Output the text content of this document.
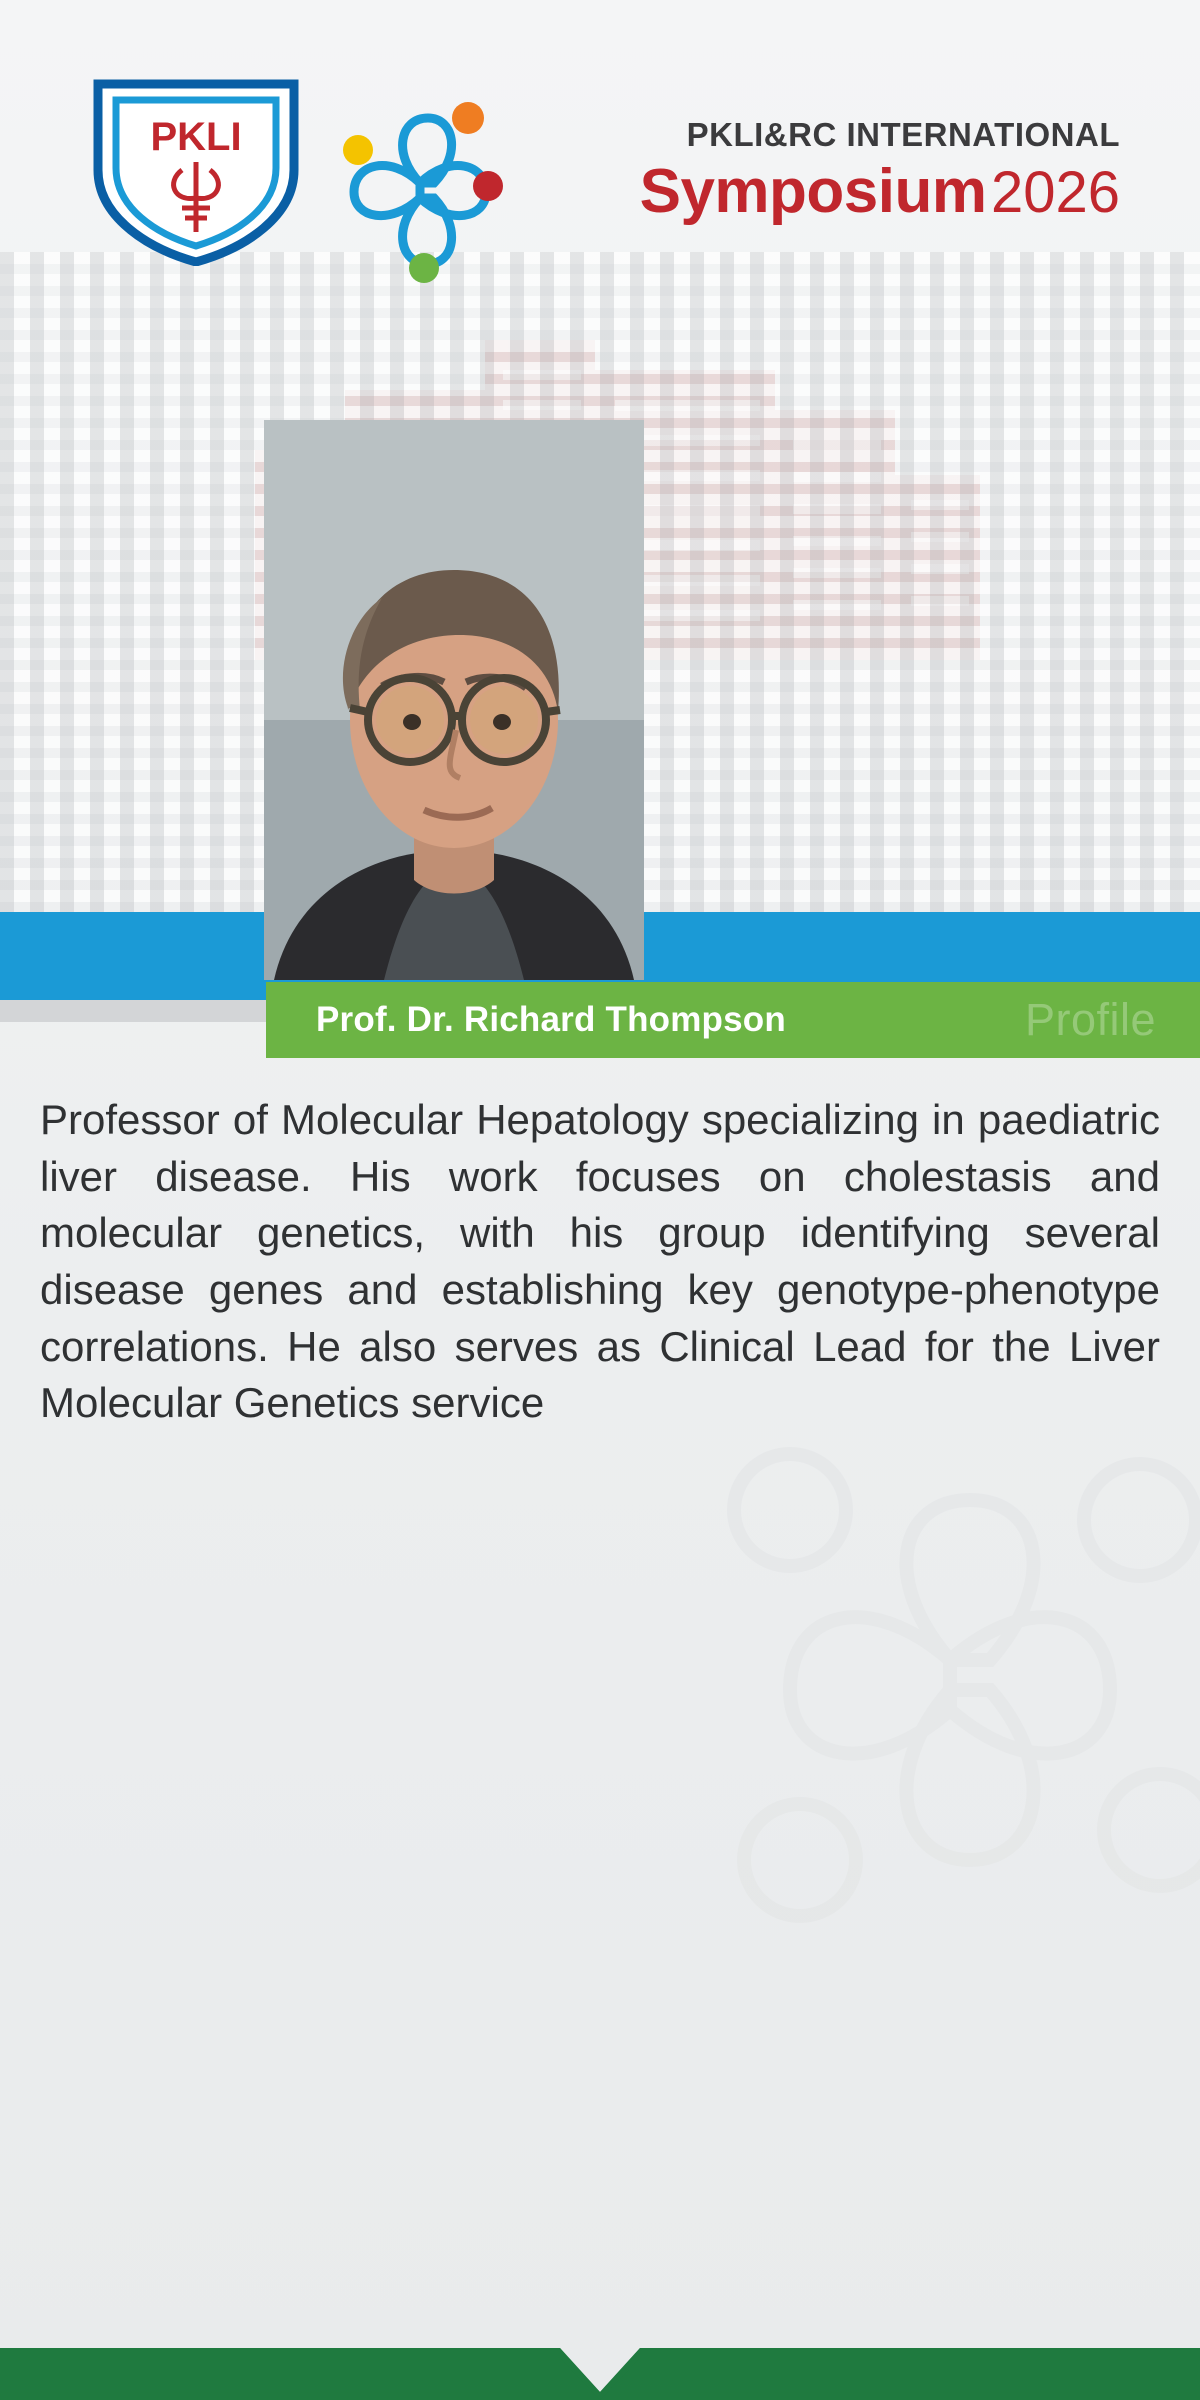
PKLI	PKLI&RC INTERNATIONAL
Symposium 2026
Prof. Dr. Richard Thompson	Profile
Professor of Molecular Hepatology specializing in paediatric liver disease. His work focuses on cholestasis and molecular genetics, with his group identifying several disease genes and establishing key genotype-phenotype correlations. He also serves as Clinical Lead for the Liver Molecular Genetics service
